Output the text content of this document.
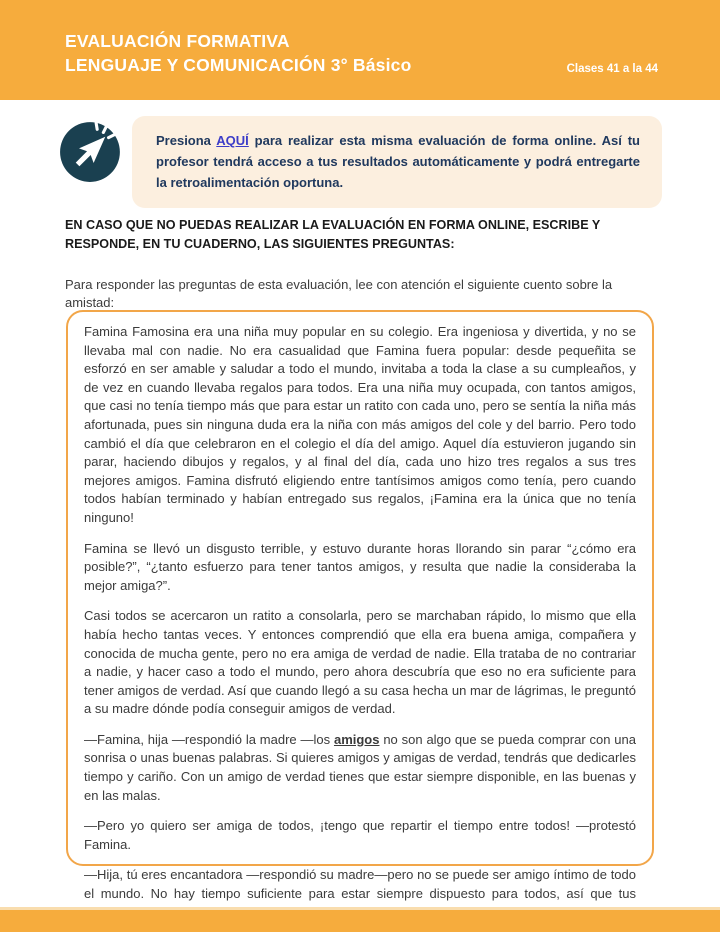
EVALUACIÓN FORMATIVA
LENGUAJE Y COMUNICACIÓN 3° Básico	Clases 41 a la 44
Presiona AQUÍ para realizar esta misma evaluación de forma online. Así tu profesor tendrá acceso a tus resultados automáticamente y podrá entregarte la retroalimentación oportuna.
EN CASO QUE NO PUEDAS REALIZAR LA EVALUACIÓN EN FORMA ONLINE, ESCRIBE Y RESPONDE, EN TU CUADERNO, LAS SIGUIENTES PREGUNTAS:
Para responder las preguntas de esta evaluación, lee con atención el siguiente cuento sobre la amistad:

Famina Famosina era una niña muy popular en su colegio. Era ingeniosa y divertida, y no se llevaba mal con nadie. No era casualidad que Famina fuera popular: desde pequeñita se esforzó en ser amable y saludar a todo el mundo, invitaba a toda la clase a su cumpleaños, y de vez en cuando llevaba regalos para todos. Era una niña muy ocupada, con tantos amigos, que casi no tenía tiempo más que para estar un ratito con cada uno, pero se sentía la niña más afortunada, pues sin ninguna duda era la niña con más amigos del cole y del barrio. Pero todo cambió el día que celebraron en el colegio el día del amigo. Aquel día estuvieron jugando sin parar, haciendo dibujos y regalos, y al final del día, cada uno hizo tres regalos a sus tres mejores amigos. Famina disfrutó eligiendo entre tantísimos amigos como tenía, pero cuando todos habían terminado y habían entregado sus regalos, ¡Famina era la única que no tenía ninguno!

Famina se llevó un disgusto terrible, y estuvo durante horas llorando sin parar “¿cómo era posible?”, “¿tanto esfuerzo para tener tantos amigos, y resulta que nadie la consideraba la mejor amiga?”.

Casi todos se acercaron un ratito a consolarla, pero se marchaban rápido, lo mismo que ella había hecho tantas veces. Y entonces comprendió que ella era buena amiga, compañera y conocida de mucha gente, pero no era amiga de verdad de nadie. Ella trataba de no contrariar a nadie, y hacer caso a todo el mundo, pero ahora descubría que eso no era suficiente para tener amigos de verdad. Así que cuando llegó a su casa hecha un mar de lágrimas, le preguntó a su madre dónde podía conseguir amigos de verdad.

—Famina, hija —respondió la madre —los amigos no son algo que se pueda comprar con una sonrisa o unas buenas palabras. Si quieres amigos y amigas de verdad, tendrás que dedicarles tiempo y cariño. Con un amigo de verdad tienes que estar siempre disponible, en las buenas y en las malas.

—Pero yo quiero ser amiga de todos, ¡tengo que repartir el tiempo entre todos! —protestó Famina.

—Hija, tú eres encantadora —respondió su madre—pero no se puede ser amigo íntimo de todo el mundo. No hay tiempo suficiente para estar siempre dispuesto para todos, así que tus
